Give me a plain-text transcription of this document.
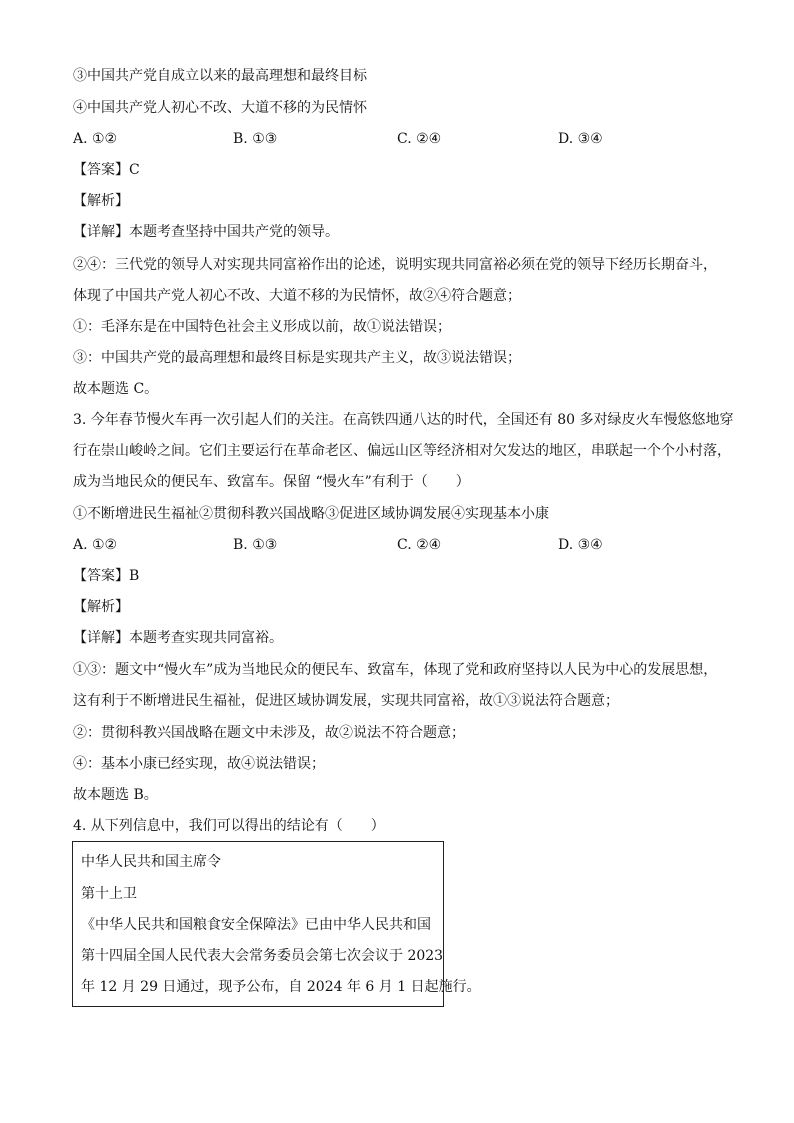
③中国共产党自成立以来的最高理想和最终目标
④中国共产党人初心不改、大道不移的为民情怀
A. ①②	B. ①③	C. ②④	D. ③④
【答案】C
【解析】
【详解】本题考查坚持中国共产党的领导。
②④：三代党的领导人对实现共同富裕作出的论述，说明实现共同富裕必须在党的领导下经历长期奋斗，
体现了中国共产党人初心不改、大道不移的为民情怀，故②④符合题意；
①：毛泽东是在中国特色社会主义形成以前，故①说法错误；
③：中国共产党的最高理想和最终目标是实现共产主义，故③说法错误；
故本题选 C。
3. 今年春节慢火车再一次引起人们的关注。在高铁四通八达的时代，全国还有 80 多对绿皮火车慢悠悠地穿
行在崇山峻岭之间。它们主要运行在革命老区、偏远山区等经济相对欠发达的地区，串联起一个个小村落，
成为当地民众的便民车、致富车。保留 “慢火车”有利于（　　）
①不断增进民生福祉②贯彻科教兴国战略③促进区域协调发展④实现基本小康
A. ①②	B. ①③	C. ②④	D. ③④
【答案】B
【解析】
【详解】本题考查实现共同富裕。
①③：题文中“慢火车”成为当地民众的便民车、致富车，体现了党和政府坚持以人民为中心的发展思想，
这有利于不断增进民生福祉，促进区域协调发展，实现共同富裕，故①③说法符合题意；
②：贯彻科教兴国战略在题文中未涉及，故②说法不符合题意；
④：基本小康已经实现，故④说法错误；
故本题选 B。
4. 从下列信息中，我们可以得出的结论有（　　）
中华人民共和国主席令
第十上卫
《中华人民共和国粮食安全保障法》已由中华人民共和国
第十四届全国人民代表大会常务委员会第七次会议于 2023
年 12 月 29 日通过，现予公布，自 2024 年 6 月 1 日起施行。
